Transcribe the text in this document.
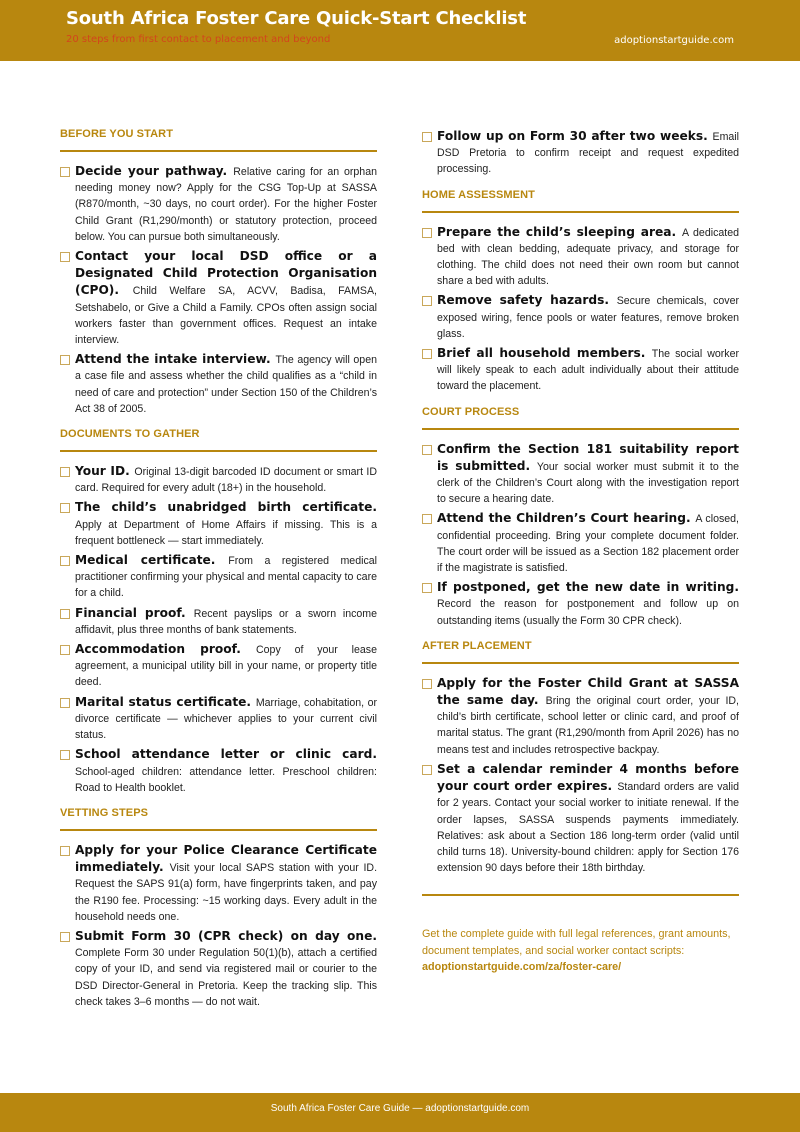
South Africa Foster Care Quick-Start Checklist
20 steps from first contact to placement and beyond	adoptionstartguide.com
BEFORE YOU START
Decide your pathway. Relative caring for an orphan needing money now? Apply for the CSG Top-Up at SASSA (R870/month, ~30 days, no court order). For the higher Foster Child Grant (R1,290/month) or statutory protection, proceed below. You can pursue both simultaneously.
Contact your local DSD office or a Designated Child Protection Organisation (CPO). Child Welfare SA, ACVV, Badisa, FAMSA, Setshabelo, or Give a Child a Family. CPOs often assign social workers faster than government offices. Request an intake interview.
Attend the intake interview. The agency will open a case file and assess whether the child qualifies as a “child in need of care and protection” under Section 150 of the Children’s Act 38 of 2005.
DOCUMENTS TO GATHER
Your ID. Original 13-digit barcoded ID document or smart ID card. Required for every adult (18+) in the household.
The child’s unabridged birth certificate. Apply at Department of Home Affairs if missing. This is a frequent bottleneck — start immediately.
Medical certificate. From a registered medical practitioner confirming your physical and mental capacity to care for a child.
Financial proof. Recent payslips or a sworn income affidavit, plus three months of bank statements.
Accommodation proof. Copy of your lease agreement, a municipal utility bill in your name, or property title deed.
Marital status certificate. Marriage, cohabitation, or divorce certificate — whichever applies to your current civil status.
School attendance letter or clinic card. School-aged children: attendance letter. Preschool children: Road to Health booklet.
VETTING STEPS
Apply for your Police Clearance Certificate immediately. Visit your local SAPS station with your ID. Request the SAPS 91(a) form, have fingerprints taken, and pay the R190 fee. Processing: ~15 working days. Every adult in the household needs one.
Submit Form 30 (CPR check) on day one. Complete Form 30 under Regulation 50(1)(b), attach a certified copy of your ID, and send via registered mail or courier to the DSD Director-General in Pretoria. Keep the tracking slip. This check takes 3–6 months — do not wait.
Follow up on Form 30 after two weeks. Email DSD Pretoria to confirm receipt and request expedited processing.
HOME ASSESSMENT
Prepare the child’s sleeping area. A dedicated bed with clean bedding, adequate privacy, and storage for clothing. The child does not need their own room but cannot share a bed with adults.
Remove safety hazards. Secure chemicals, cover exposed wiring, fence pools or water features, remove broken glass.
Brief all household members. The social worker will likely speak to each adult individually about their attitude toward the placement.
COURT PROCESS
Confirm the Section 181 suitability report is submitted. Your social worker must submit it to the clerk of the Children’s Court along with the investigation report to secure a hearing date.
Attend the Children’s Court hearing. A closed, confidential proceeding. Bring your complete document folder. The court order will be issued as a Section 182 placement order if the magistrate is satisfied.
If postponed, get the new date in writing. Record the reason for postponement and follow up on outstanding items (usually the Form 30 CPR check).
AFTER PLACEMENT
Apply for the Foster Child Grant at SASSA the same day. Bring the original court order, your ID, child’s birth certificate, school letter or clinic card, and proof of marital status. The grant (R1,290/month from April 2026) has no means test and includes retrospective backpay.
Set a calendar reminder 4 months before your court order expires. Standard orders are valid for 2 years. Contact your social worker to initiate renewal. If the order lapses, SASSA suspends payments immediately. Relatives: ask about a Section 186 long-term order (valid until child turns 18). University-bound children: apply for Section 176 extension 90 days before their 18th birthday.
Get the complete guide with full legal references, grant amounts, document templates, and social worker contact scripts:
adoptionstartguide.com/za/foster-care/
South Africa Foster Care Guide — adoptionstartguide.com
